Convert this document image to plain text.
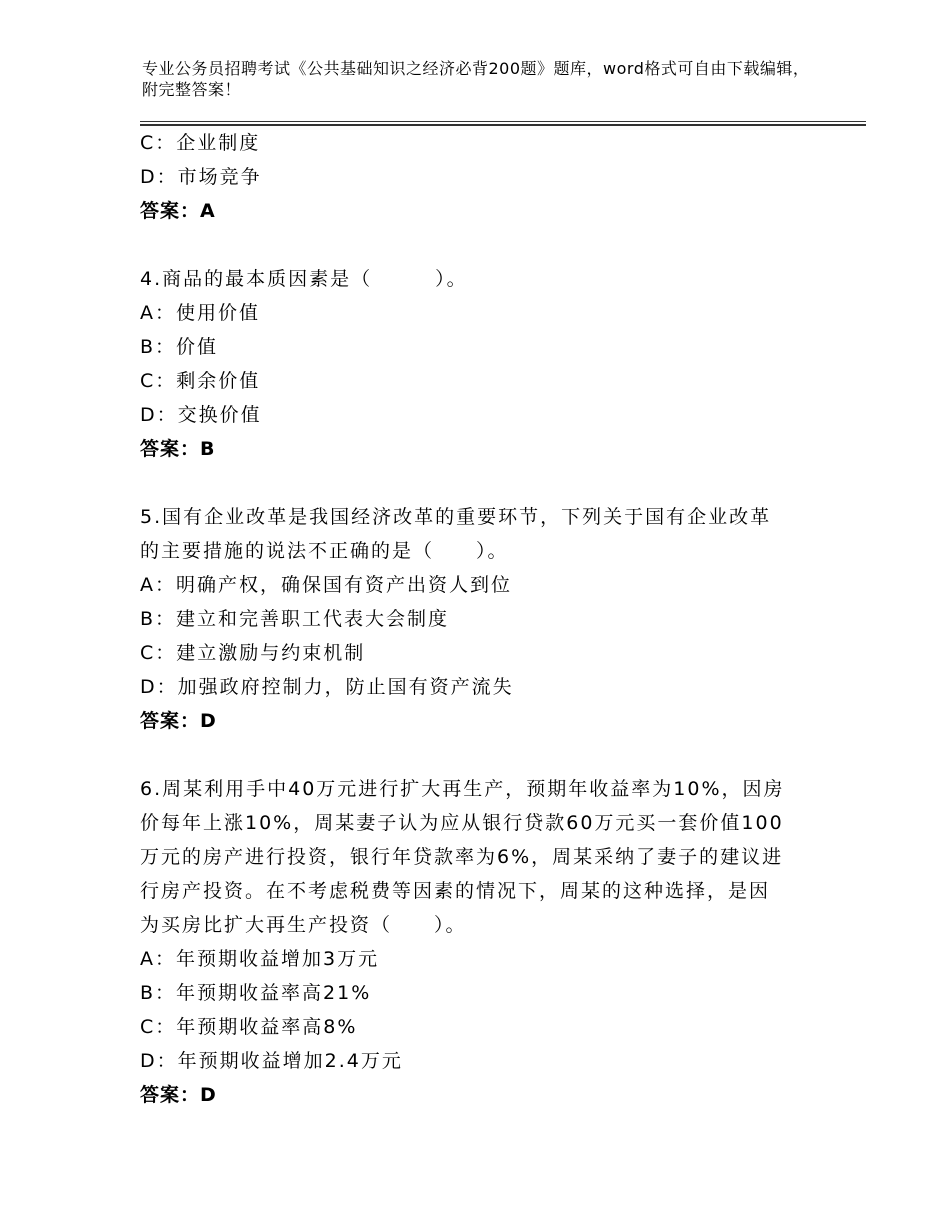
专业公务员招聘考试《公共基础知识之经济必背200题》题库，word格式可自由下载编辑，附完整答案！
C：企业制度
D：市场竞争
答案：A
4.商品的最本质因素是（　　　）。
A：使用价值
B：价值
C：剩余价值
D：交换价值
答案：B
5.国有企业改革是我国经济改革的重要环节，下列关于国有企业改革
的主要措施的说法不正确的是（　　）。
A：明确产权，确保国有资产出资人到位
B：建立和完善职工代表大会制度
C：建立激励与约束机制
D：加强政府控制力，防止国有资产流失
答案：D
6.周某利用手中40万元进行扩大再生产，预期年收益率为10%，因房
价每年上涨10%，周某妻子认为应从银行贷款60万元买一套价值100
万元的房产进行投资，银行年贷款率为6%，周某采纳了妻子的建议进
行房产投资。在不考虑税费等因素的情况下，周某的这种选择，是因
为买房比扩大再生产投资（　　）。
A：年预期收益增加3万元
B：年预期收益率高21%
C：年预期收益率高8%
D：年预期收益增加2.4万元
答案：D
